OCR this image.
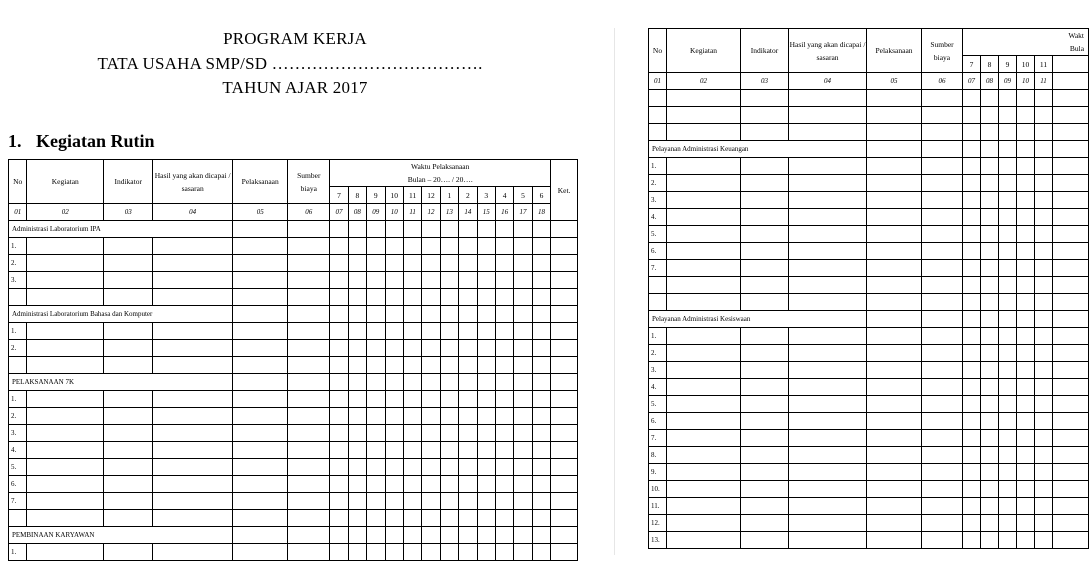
PROGRAM KERJA
TATA USAHA SMP/SD ……………………………….
TAHUN AJAR 2017
1. Kegiatan Rutin
No	Kegiatan	Indikator	Hasil yang akan dicapai / sasaran	Pelaksanaan	Sumber biaya	Waktu Pelaksanaan
Bulan – 20…. / 20….												Ket.
						7	8	9	10	11	12	1	2	3	4	5	6	
01	02	03	04	05	06	07	08	09	10	11	12	13	14	15	16	17	18	
Administrasi Laboratorium IPA																		
1.																		
2.																		
3.																		

Administrasi Laboratorium Bahasa dan Komputer																		
1.																		
2.																		

PELAKSANAAN 7K																		
1.																		
2.																		
3.																		
4.																		
5.																		
6.																		
7.																		

PEMBINAAN KARYAWAN																		
1.																		
No	Kegiatan	Indikator	Hasil yang akan dicapai / sasaran	Pelaksanaan	Sumber biaya	Wakt
Bula					

						7	8	9	10	11	
01	02	03	04	05	06	07	08	09	10	11	

Pelayanan Administrasi Keuangan											
1.											
2.											
3.											
4.											
5.											
6.											
7.											

Pelayanan Administrasi Kesiswaan											
1.											
2.											
3.											
4.											
5.											
6.											
7.											
8.											
9.											
10.											
11.											
12.											
13.											
